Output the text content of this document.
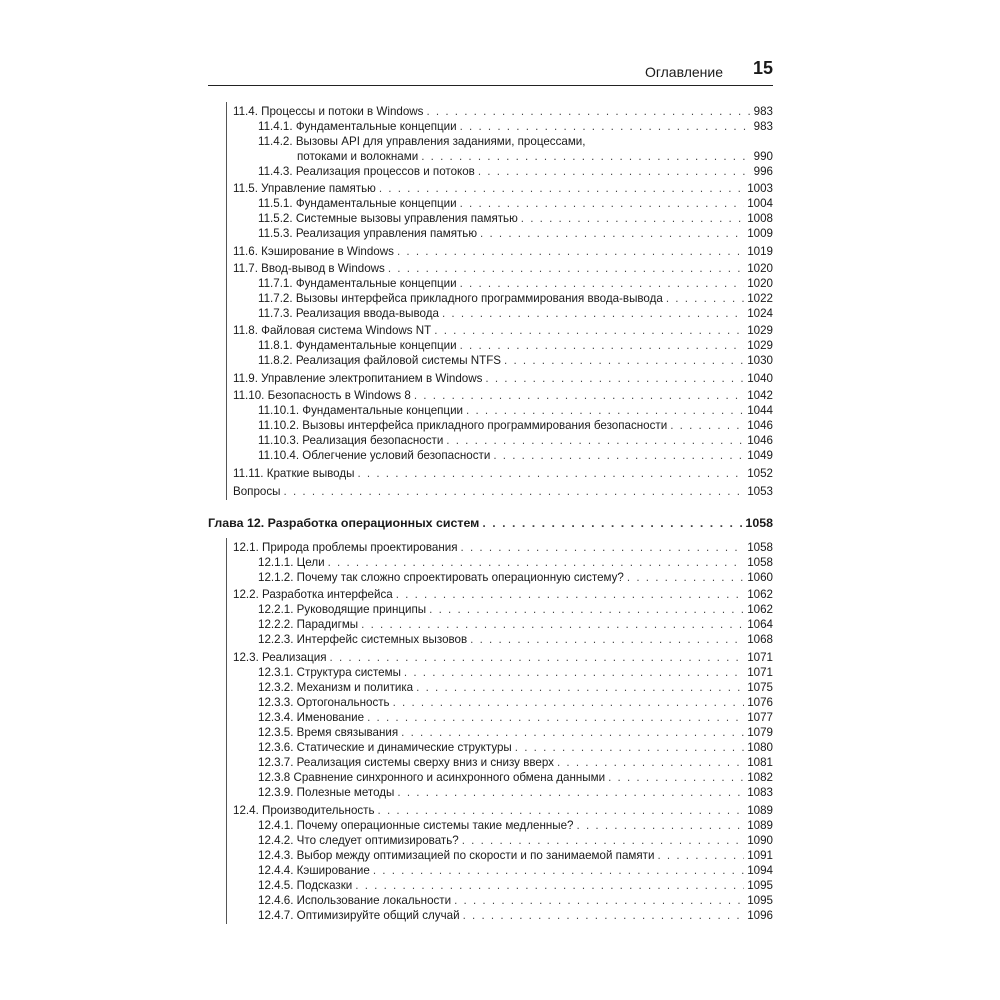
Оглавление 15
11.4. Процессы и потоки в Windows . . .	983
11.4.1. Фундаментальные концепции . . .	983
11.4.2. Вызовы API для управления заданиями, процессами,
потоками и волокнами . . .	990
11.4.3. Реализация процессов и потоков . . .	996
11.5. Управление памятью . . .	1003
11.5.1. Фундаментальные концепции . . .	1004
11.5.2. Системные вызовы управления памятью . . .	1008
11.5.3. Реализация управления памятью . . .	1009
11.6. Кэширование в Windows . . .	1019
11.7. Ввод-вывод в Windows . . .	1020
11.7.1. Фундаментальные концепции . . .	1020
11.7.2. Вызовы интерфейса прикладного программирования ввода-вывода . . .	1022
11.7.3. Реализация ввода-вывода . . .	1024
11.8. Файловая система Windows NT . . .	1029
11.8.1. Фундаментальные концепции . . .	1029
11.8.2. Реализация файловой системы NTFS . . .	1030
11.9. Управление электропитанием в Windows . . .	1040
11.10. Безопасность в Windows 8 . . .	1042
11.10.1. Фундаментальные концепции . . .	1044
11.10.2. Вызовы интерфейса прикладного программирования безопасности . . .	1046
11.10.3. Реализация безопасности . . .	1046
11.10.4. Облегчение условий безопасности . . .	1049
11.11. Краткие выводы . . .	1052
Вопросы . . .	1053
Глава 12. Разработка операционных систем . . .	1058
12.1. Природа проблемы проектирования . . .	1058
12.1.1. Цели . . .	1058
12.1.2. Почему так сложно спроектировать операционную систему? . . .	1060
12.2. Разработка интерфейса . . .	1062
12.2.1. Руководящие принципы . . .	1062
12.2.2. Парадигмы . . .	1064
12.2.3. Интерфейс системных вызовов . . .	1068
12.3. Реализация . . .	1071
12.3.1. Структура системы . . .	1071
12.3.2. Механизм и политика . . .	1075
12.3.3. Ортогональность . . .	1076
12.3.4. Именование . . .	1077
12.3.5. Время связывания . . .	1079
12.3.6. Статические и динамические структуры . . .	1080
12.3.7. Реализация системы сверху вниз и снизу вверх . . .	1081
12.3.8 Сравнение синхронного и асинхронного обмена данными . . .	1082
12.3.9. Полезные методы . . .	1083
12.4. Производительность . . .	1089
12.4.1. Почему операционные системы такие медленные? . . .	1089
12.4.2. Что следует оптимизировать? . . .	1090
12.4.3. Выбор между оптимизацией по скорости и по занимаемой памяти . . .	1091
12.4.4. Кэширование . . .	1094
12.4.5. Подсказки . . .	1095
12.4.6. Использование локальности . . .	1095
12.4.7. Оптимизируйте общий случай . . .	1096
